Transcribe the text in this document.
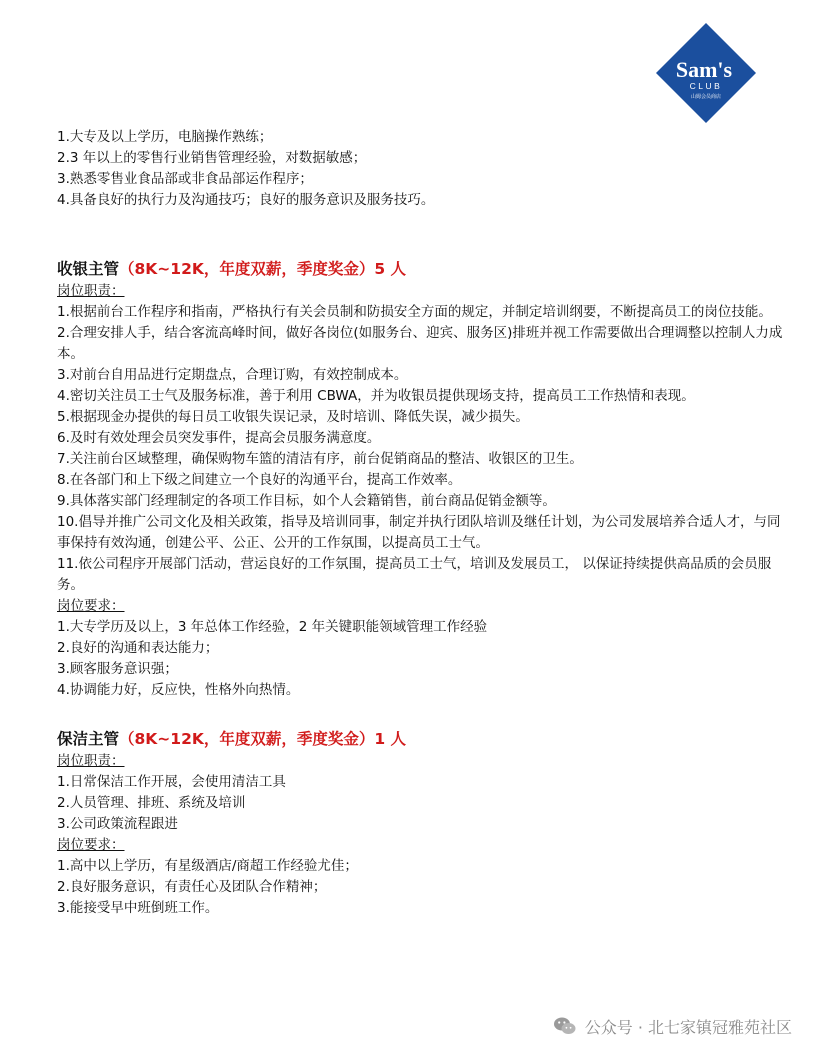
Sam's
CLUB
山姆会员商店
1.大专及以上学历，电脑操作熟练；
2.3 年以上的零售行业销售管理经验，对数据敏感；
3.熟悉零售业食品部或非食品部运作程序；
4.具备良好的执行力及沟通技巧；良好的服务意识及服务技巧。
收银主管（8K~12K，年度双薪，季度奖金）5 人
岗位职责：
1.根据前台工作程序和指南，严格执行有关会员制和防损安全方面的规定，并制定培训纲要，不断提高员工的岗位技能。
2.合理安排人手，结合客流高峰时间，做好各岗位(如服务台、迎宾、服务区)排班并视工作需要做出合理调整以控制人力成本。
3.对前台自用品进行定期盘点，合理订购，有效控制成本。
4.密切关注员工士气及服务标准，善于利用 CBWA，并为收银员提供现场支持，提高员工工作热情和表现。
5.根据现金办提供的每日员工收银失误记录，及时培训、降低失误，减少损失。
6.及时有效处理会员突发事件，提高会员服务满意度。
7.关注前台区域整理，确保购物车篮的清洁有序，前台促销商品的整洁、收银区的卫生。
8.在各部门和上下级之间建立一个良好的沟通平台，提高工作效率。
9.具体落实部门经理制定的各项工作目标，如个人会籍销售，前台商品促销金额等。
10.倡导并推广公司文化及相关政策，指导及培训同事，制定并执行团队培训及继任计划，为公司发展培养合适人才，与同事保持有效沟通，创建公平、公正、公开的工作氛围，以提高员工士气。
11.依公司程序开展部门活动，营运良好的工作氛围，提高员工士气，培训及发展员工， 以保证持续提供高品质的会员服务。
岗位要求：
1.大专学历及以上，3 年总体工作经验，2 年关键职能领域管理工作经验
2.良好的沟通和表达能力；
3.顾客服务意识强；
4.协调能力好，反应快，性格外向热情。
保洁主管（8K~12K，年度双薪，季度奖金）1 人
岗位职责：
1.日常保洁工作开展，会使用清洁工具
2.人员管理、排班、系统及培训
3.公司政策流程跟进
岗位要求：
1.高中以上学历，有星级酒店/商超工作经验尤佳；
2.良好服务意识，有责任心及团队合作精神；
3.能接受早中班倒班工作。
公众号 · 北七家镇冠雅苑社区
